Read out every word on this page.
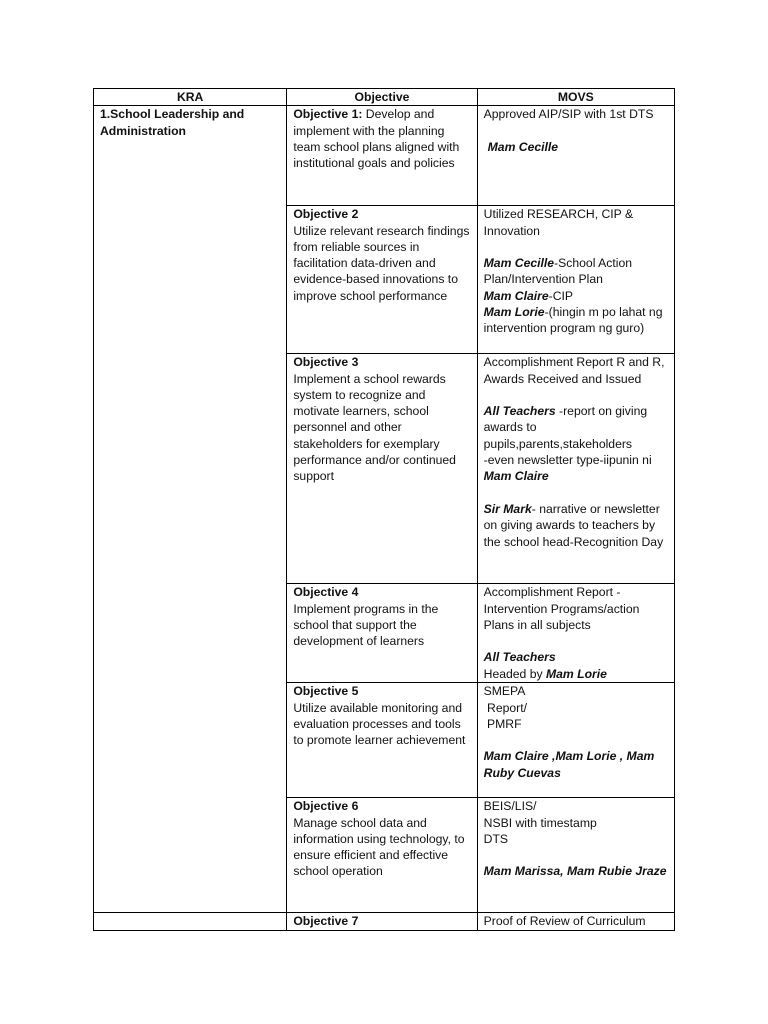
KRA	Objective	MOVS
1.School Leadership and Administration	Objective 1: Develop and implement with the planning team school plans aligned with institutional goals and policies	Approved AIP/SIP with 1st DTS
Mam Cecille

	Objective 2
Utilize relevant research findings from reliable sources in facilitation data-driven and evidence-based innovations to improve school performance	Utilized RESEARCH, CIP & Innovation
Mam Cecille-School Action Plan/Intervention Plan
Mam Claire-CIP
Mam Lorie-(hingin m po lahat ng intervention program ng guro)

	Objective 3
Implement a school rewards system to recognize and motivate learners, school personnel and other stakeholders for exemplary performance and/or continued support	Accomplishment Report R and R, Awards Received and Issued
All Teachers -report on giving awards to pupils,parents,stakeholders
-even newsletter type-iipunin ni
Mam Claire
Sir Mark- narrative or newsletter on giving awards to teachers by the school head-Recognition Day

	Objective 4
Implement programs in the school that support the development of learners	Accomplishment Report -Intervention Programs/action Plans in all subjects
All Teachers
Headed by Mam Lorie

	Objective 5
Utilize available monitoring and evaluation processes and tools to promote learner achievement	SMEPA
Report/
PMRF
Mam Claire ,Mam Lorie , Mam Ruby Cuevas

	Objective 6
Manage school data and information using technology, to ensure efficient and effective school operation	BEIS/LIS/
NSBI with timestamp
DTS
Mam Marissa, Mam Rubie Jraze

	Objective 7	Proof of Review of Curriculum
